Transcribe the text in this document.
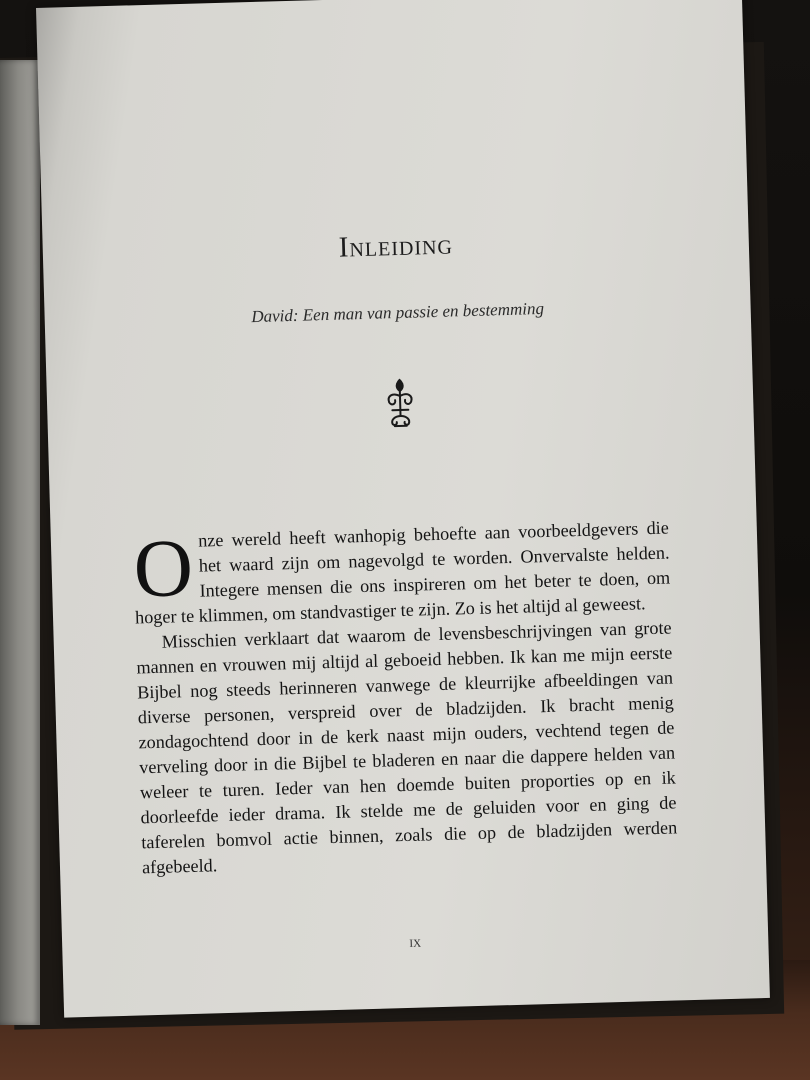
Inleiding
David: Een man van passie en bestemming

Onze wereld heeft wanhopig behoefte aan voorbeeldgevers die het waard zijn om nagevolgd te worden. Onvervalste helden. Integere mensen die ons inspireren om het beter te doen, om hoger te klimmen, om standvastiger te zijn. Zo is het altijd al geweest.

Misschien verklaart dat waarom de levensbeschrijvingen van grote mannen en vrouwen mij altijd al geboeid hebben. Ik kan me mijn eerste Bijbel nog steeds herinneren vanwege de kleurrijke afbeeldingen van diverse personen, verspreid over de bladzijden. Ik bracht menig zondagochtend door in de kerk naast mijn ouders, vechtend tegen de verveling door in die Bijbel te bladeren en naar die dappere helden van weleer te turen. Ieder van hen doemde buiten proporties op en ik doorleefde ieder drama. Ik stelde me de geluiden voor en ging de taferelen bomvol actie binnen, zoals die op de bladzijden werden afgebeeld.

IX
